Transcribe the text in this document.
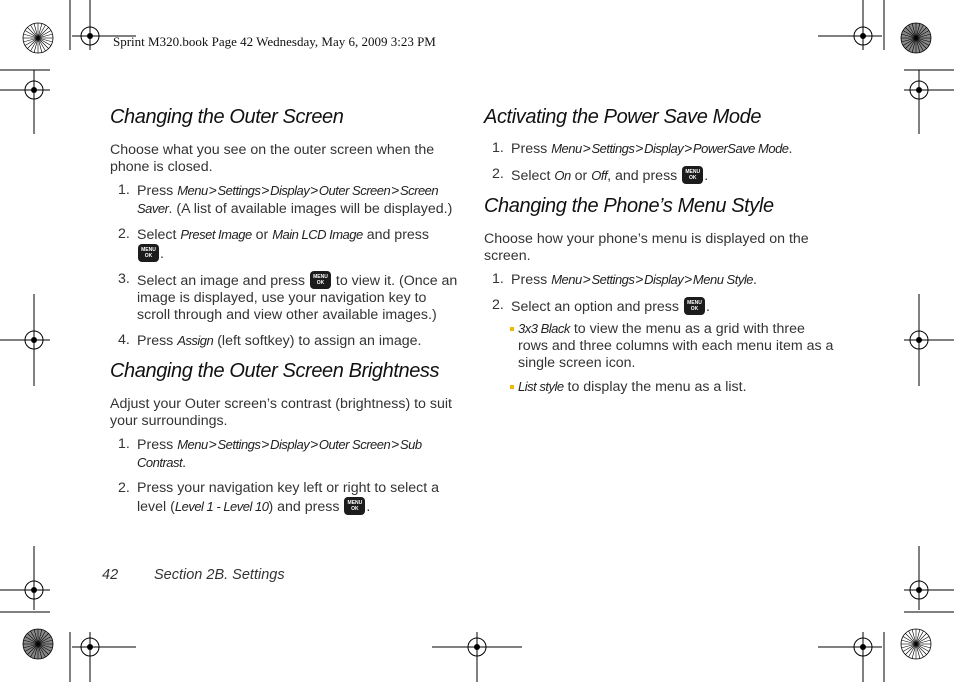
Sprint M320.book Page 42 Wednesday, May 6, 2009 3:23 PM
Changing the Outer Screen

Choose what you see on the outer screen when the phone is closed.

1. Press Menu>Settings>Display>Outer Screen>Screen Saver. (A list of available images will be displayed.)
2. Select Preset Image or Main LCD Image and press

MENU
OK .
3. Select an image and press	MENU
OK to view it. (Once an image is displayed, use your navigation key to scroll through and view other available images.)
4. Press Assign (left softkey) to assign an image.
Changing the Outer Screen Brightness

Adjust your Outer screen’s contrast (brightness) to suit your surroundings.

1. Press Menu>Settings>Display>Outer Screen>Sub Contrast.
2. Press your navigation key left or right to select a level (Level 1 - Level 10) and press	MENU
OK .
Activating the Power Save Mode
1. Press Menu>Settings>Display>PowerSave Mode.
2. Select On or Off, and press	MENU
OK .
Changing the Phone’s Menu Style

Choose how your phone’s menu is displayed on the screen.

1. Press Menu>Settings>Display>Menu Style.
2. Select an option and press	MENU
OK .
3x3 Black to view the menu as a grid with three rows and three columns with each menu item as a single screen icon.
List style to display the menu as a list.
42 Section 2B. Settings
